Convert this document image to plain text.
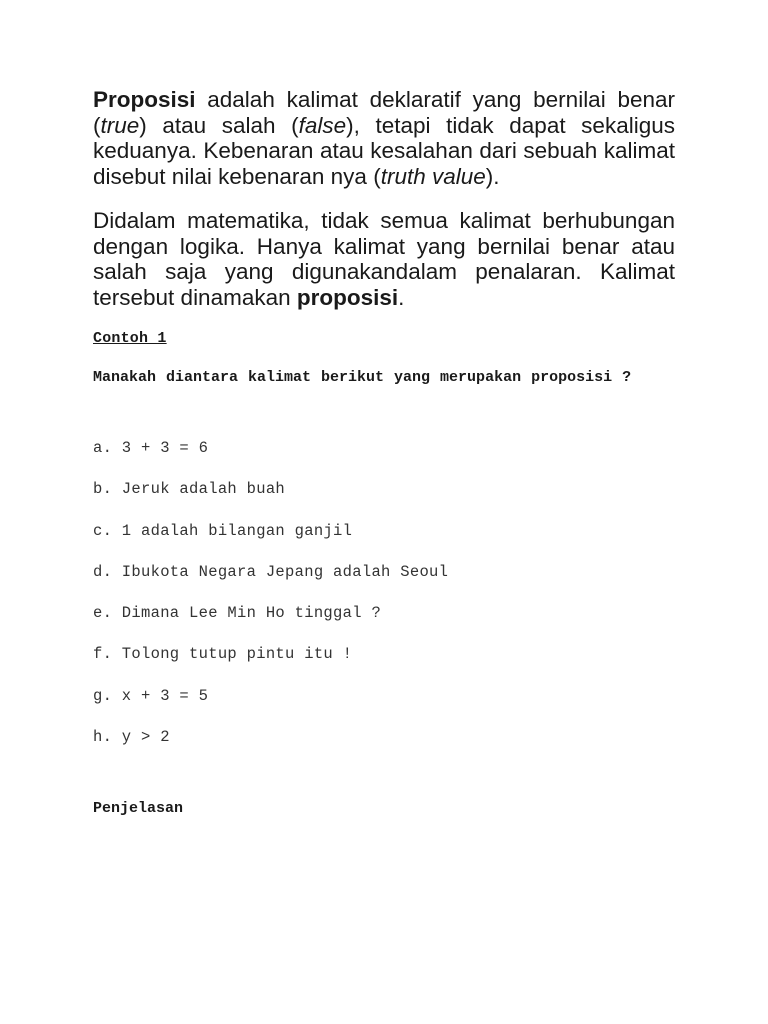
Proposisi adalah kalimat deklaratif yang bernilai benar (true) atau salah (false), tetapi tidak dapat sekaligus keduanya. Kebenaran atau kesalahan dari sebuah kalimat disebut nilai kebenaran nya (truth value).

Didalam matematika, tidak semua kalimat berhubungan dengan logika. Hanya kalimat yang bernilai benar atau salah saja yang digunakandalam penalaran. Kalimat tersebut dinamakan proposisi.

Contoh 1

Manakah diantara kalimat berikut yang merupakan proposisi ?

a. 3 + 3 = 6
b. Jeruk adalah buah
c. 1 adalah bilangan ganjil
d. Ibukota Negara Jepang adalah Seoul
e. Dimana Lee Min Ho tinggal ?
f. Tolong tutup pintu itu !
g. x + 3 = 5
h. y > 2

Penjelasan
